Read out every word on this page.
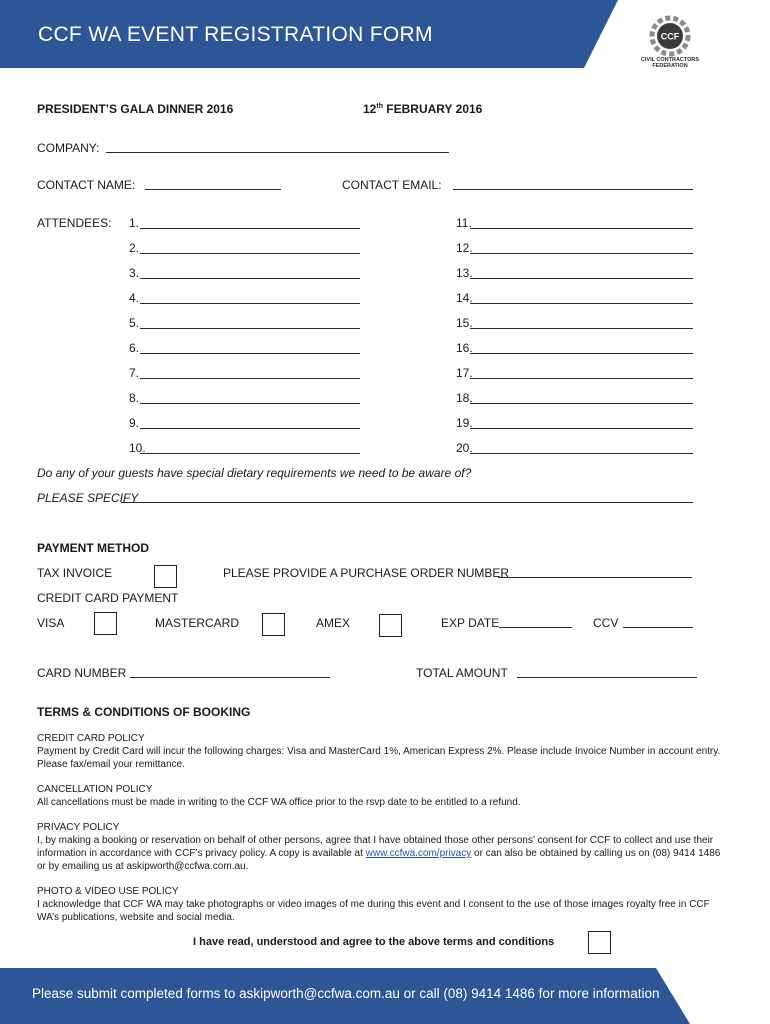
CCF WA EVENT REGISTRATION FORM	CCF
CIVIL CONTRACTORS
FEDERATION
PRESIDENT’S GALA DINNER 2016	12th FEBRUARY 2016
COMPANY:
CONTACT NAME:	CONTACT EMAIL:
ATTENDEES: 1.
2.
3.
4.
5.
6.
7.
8.
9.
10.
11.
12.
13.
14.
15.
16.
17.
18.
19.
20.
Do any of your guests have special dietary requirements we need to be aware of?
PLEASE SPECIFY
PAYMENT METHOD
TAX INVOICE	PLEASE PROVIDE A PURCHASE ORDER NUMBER
CREDIT CARD PAYMENT
VISA	MASTERCARD	AMEX	EXP DATE	CCV
CARD NUMBER	TOTAL AMOUNT
TERMS & CONDITIONS OF BOOKING
CREDIT CARD POLICY
Payment by Credit Card will incur the following charges: Visa and MasterCard 1%, American Express 2%. Please include Invoice Number in account entry. Please fax/email your remittance.
CANCELLATION POLICY
All cancellations must be made in writing to the CCF WA office prior to the rsvp date to be entitled to a refund.
PRIVACY POLICY
I, by making a booking or reservation on behalf of other persons, agree that I have obtained those other persons’ consent for CCF to collect and use their information in accordance with CCF’s privacy policy. A copy is available at www.ccfwa.com/privacy or can also be obtained by calling us on (08) 9414 1486 or by emailing us at askipworth@ccfwa.com.au.
PHOTO & VIDEO USE POLICY
I acknowledge that CCF WA may take photographs or video images of me during this event and I consent to the use of those images royalty free in CCF WA’s publications, website and social media.
I have read, understood and agree to the above terms and conditions
Please submit completed forms to askipworth@ccfwa.com.au or call (08) 9414 1486 for more information
